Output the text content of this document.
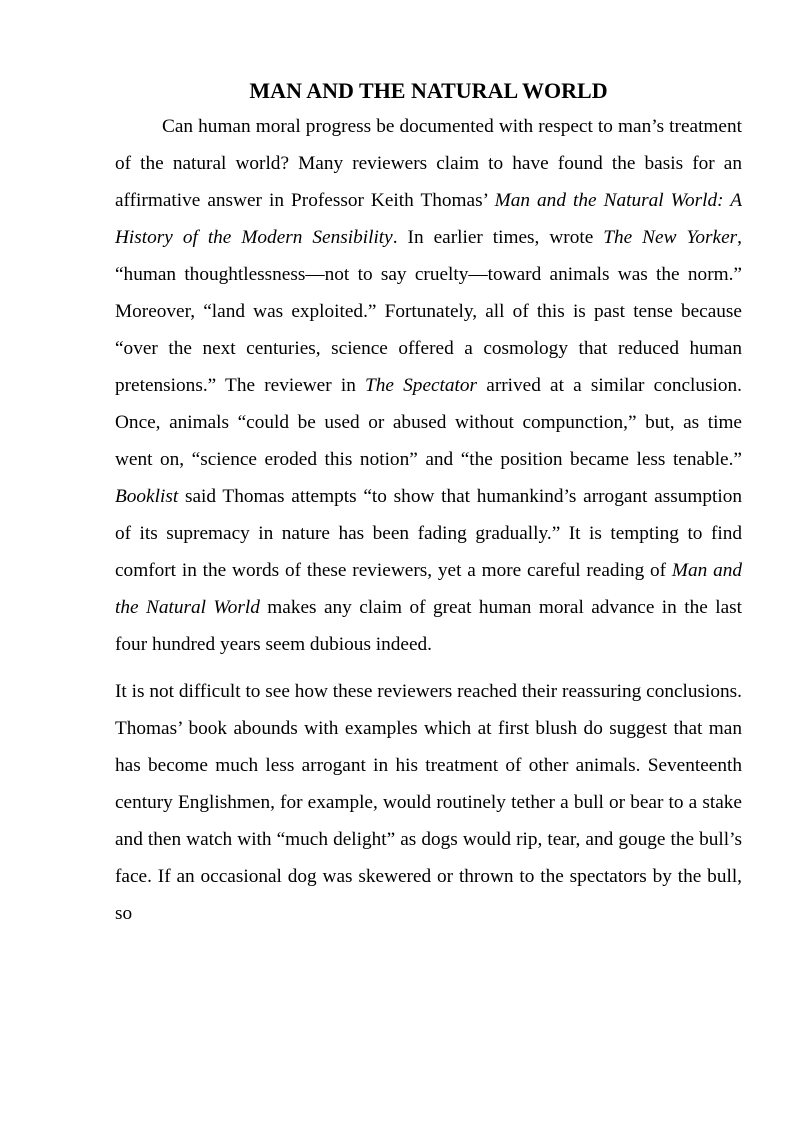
MAN AND THE NATURAL WORLD

Can human moral progress be documented with respect to man’s treatment of the natural world? Many reviewers claim to have found the basis for an affirmative answer in Professor Keith Thomas’ Man and the Natural World: A History of the Modern Sensibility. In earlier times, wrote The New Yorker, “human thoughtlessness—not to say cruelty—toward animals was the norm.” Moreover, “land was exploited.” Fortunately, all of this is past tense because “over the next centuries, science offered a cosmology that reduced human pretensions.” The reviewer in The Spectator arrived at a similar conclusion. Once, animals “could be used or abused without compunction,” but, as time went on, “science eroded this notion” and “the position became less tenable.” Booklist said Thomas attempts “to show that humankind’s arrogant assumption of its supremacy in nature has been fading gradually.” It is tempting to find comfort in the words of these reviewers, yet a more careful reading of Man and the Natural World makes any claim of great human moral advance in the last four hundred years seem dubious indeed.

It is not difficult to see how these reviewers reached their reassuring conclusions. Thomas’ book abounds with examples which at first blush do suggest that man has become much less arrogant in his treatment of other animals. Seventeenth century Englishmen, for example, would routinely tether a bull or bear to a stake and then watch with “much delight” as dogs would rip, tear, and gouge the bull’s face. If an occasional dog was skewered or thrown to the spectators by the bull, so
